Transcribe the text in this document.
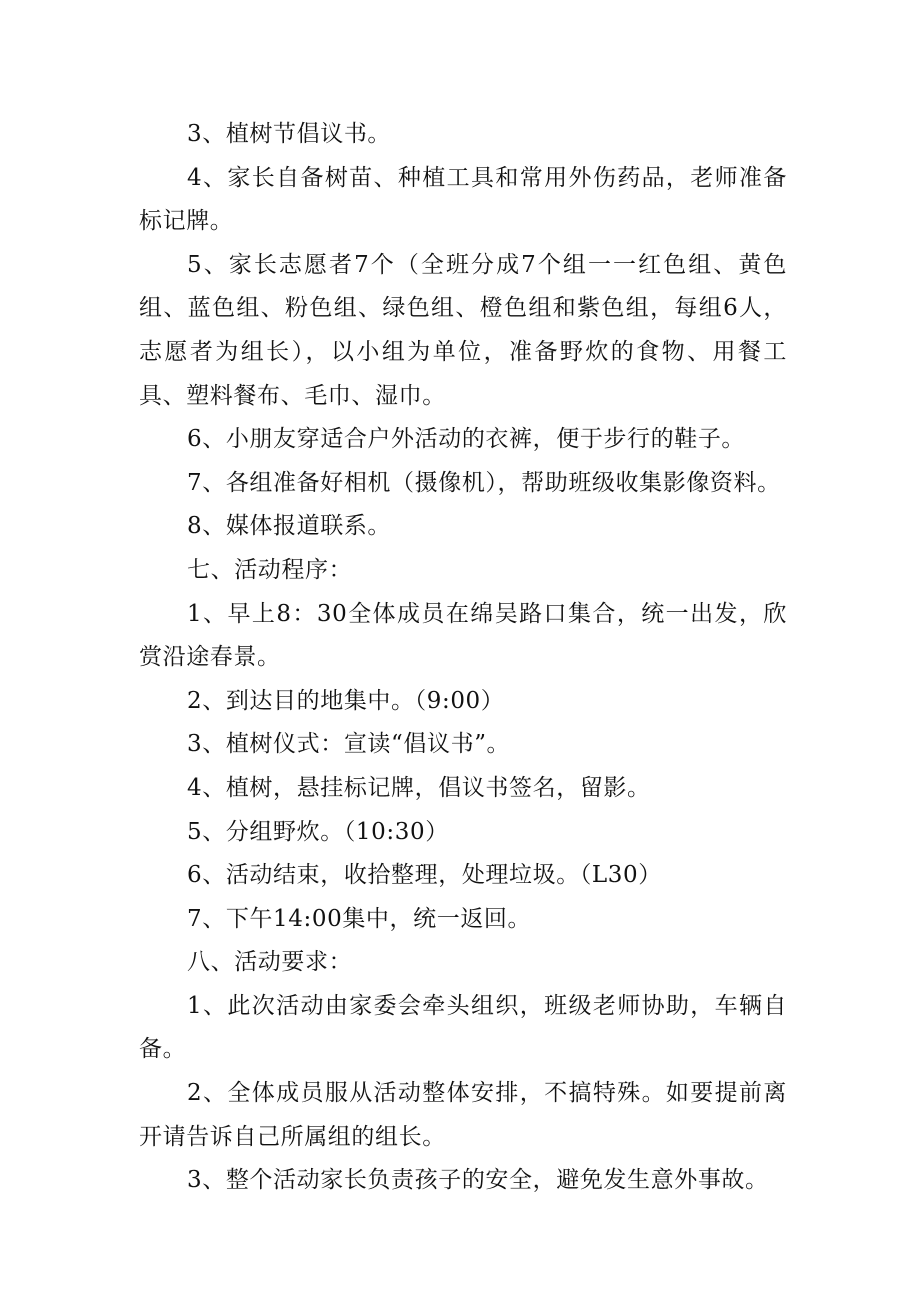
3、植树节倡议书。

4、家长自备树苗、种植工具和常用外伤药品，老师准备标记牌。

5、家长志愿者7个（全班分成7个组一一红色组、黄色组、蓝色组、粉色组、绿色组、橙色组和紫色组，每组6人，志愿者为组长），以小组为单位，准备野炊的食物、用餐工具、塑料餐布、毛巾、湿巾。

6、小朋友穿适合户外活动的衣裤，便于步行的鞋子。

7、各组准备好相机（摄像机），帮助班级收集影像资料。

8、媒体报道联系。

七、活动程序：

1、早上8：30全体成员在绵吴路口集合，统一出发，欣赏沿途春景。

2、到达目的地集中。（9:00）

3、植树仪式：宣读“倡议书”。

4、植树，悬挂标记牌，倡议书签名，留影。

5、分组野炊。（10:30）

6、活动结束，收拾整理，处理垃圾。（L30）

7、下午14:00集中，统一返回。

八、活动要求：

1、此次活动由家委会牵头组织，班级老师协助，车辆自备。

2、全体成员服从活动整体安排，不搞特殊。如要提前离开请告诉自己所属组的组长。

3、整个活动家长负责孩子的安全，避免发生意外事故。
